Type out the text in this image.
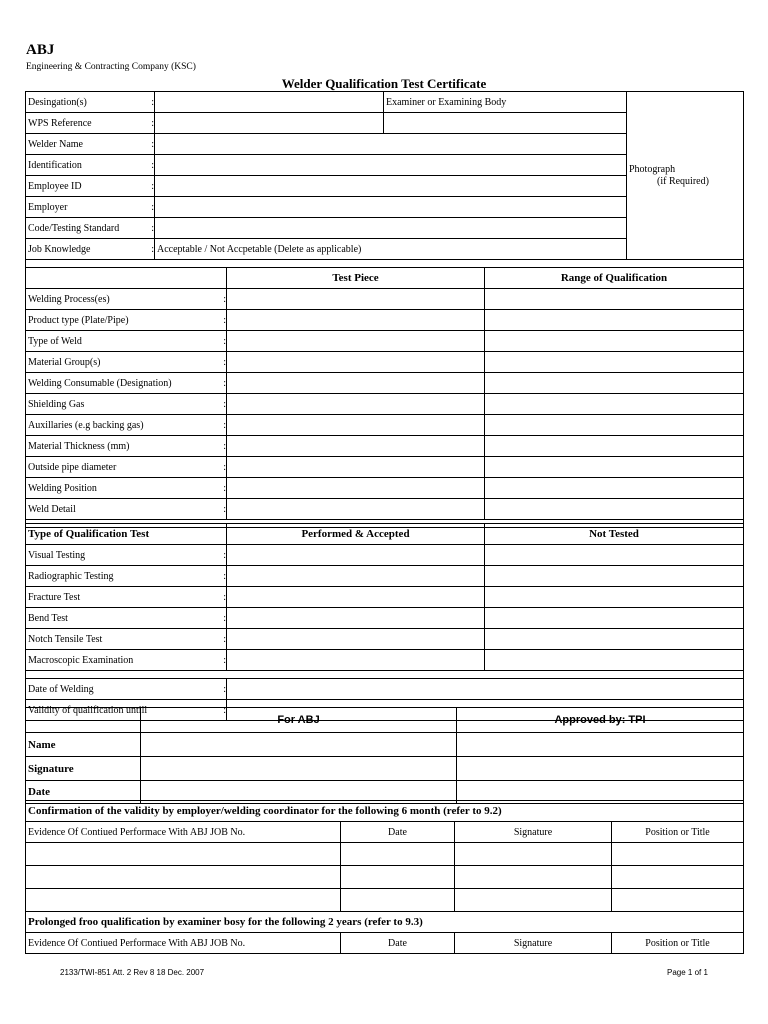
ABJ
Engineering & Contracting Company (KSC)
Welder Qualification Test Certificate
Desingation(s)	:		Examiner or Examining Body	Photograph
(if Required)

WPS Reference	:			
Welder Name	:			
Identification	:			
Employee ID	:			
Employer	:			
Code/Testing Standard	:			
Job Knowledge	:	Acceptable / Not Accpetable (Delete as applicable)		

		Test Piece	Range of Qualification
Welding Process(es)	:		
Product type (Plate/Pipe)	:		
Type of Weld	:		
Material Group(s)	:		
Welding Consumable (Designation)	:		
Shielding Gas	:		
Auxillaries (e.g backing gas)	:		
Material Thickness (mm)	:		
Outside pipe diameter	:		
Welding Position	:		
Weld Detail	:		

Type of Qualification Test		Performed & Accepted	Not Tested
Visual Testing	:		
Radiographic Testing	:		
Fracture Test	:		
Bend Test	:		
Notch Tensile Test	:		
Macroscopic Examination	:		

Date of Welding	:		
Validity of qualification untill	:		
	For ABJ	Approved by: TPI
Name		
Signature		
Date		
Confirmation of the validity by employer/welding coordinator for the following 6 month (refer to 9.2)			
Evidence Of Contiued Performace With ABJ JOB No.	Date	Signature	Position or Title

Prolonged froo qualification by examiner bosy for the following 2 years (refer to 9.3)			
Evidence Of Contiued Performace With ABJ JOB No.	Date	Signature	Position or Title
2133/TWI-851 Att. 2 Rev 8 18 Dec. 2007	Page 1 of 1
